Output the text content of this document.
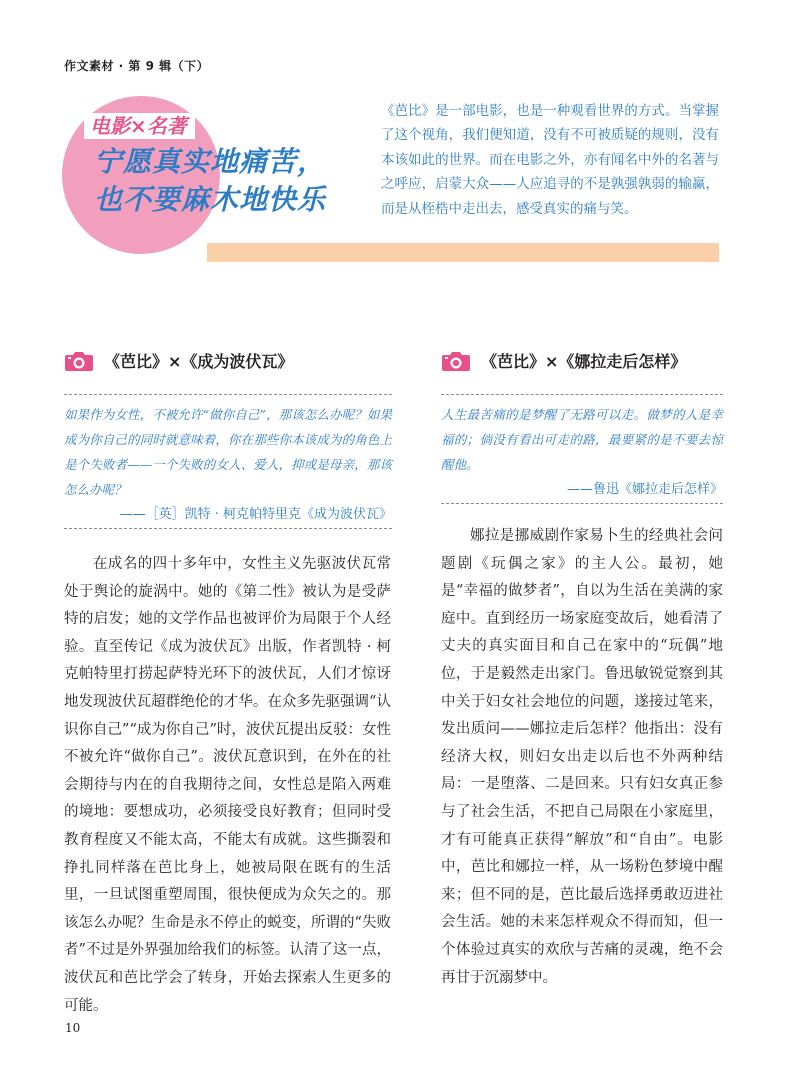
作文素材 · 第 9 辑（下）
电影×名著
宁愿真实地痛苦，
也不要麻木地快乐
《芭比》是一部电影，也是一种观看世界的方式。当掌握了这个视角，我们便知道，没有不可被质疑的规则，没有本该如此的世界。而在电影之外，亦有闻名中外的名著与之呼应，启蒙大众——人应追寻的不是孰强孰弱的输赢，而是从桎梏中走出去，感受真实的痛与笑。
《芭比》×《成为波伏瓦》
如果作为女性，不被允许“做你自己”，那该怎么办呢？如果成为你自己的同时就意味着，你在那些你本该成为的角色上是个失败者——一个失败的女人、爱人，抑或是母亲，那该怎么办呢？
——［英］凯特 · 柯克帕特里克《成为波伏瓦》
在成名的四十多年中，女性主义先驱波伏瓦常处于舆论的旋涡中。她的《第二性》被认为是受萨特的启发；她的文学作品也被评价为局限于个人经验。直至传记《成为波伏瓦》出版，作者凯特 · 柯克帕特里打捞起萨特光环下的波伏瓦，人们才惊讶地发现波伏瓦超群绝伦的才华。在众多先驱强调“认识你自己”“成为你自己”时，波伏瓦提出反驳：女性不被允许“做你自己”。波伏瓦意识到，在外在的社会期待与内在的自我期待之间，女性总是陷入两难的境地：要想成功，必须接受良好教育；但同时受教育程度又不能太高，不能太有成就。这些撕裂和挣扎同样落在芭比身上，她被局限在既有的生活里，一旦试图重塑周围，很快便成为众矢之的。那该怎么办呢？生命是永不停止的蜕变，所谓的“失败者”不过是外界强加给我们的标签。认清了这一点，波伏瓦和芭比学会了转身，开始去探索人生更多的可能。
《芭比》×《娜拉走后怎样》
人生最苦痛的是梦醒了无路可以走。做梦的人是幸福的；倘没有看出可走的路，最要紧的是不要去惊醒他。
——鲁迅《娜拉走后怎样》
娜拉是挪威剧作家易卜生的经典社会问题剧《玩偶之家》的主人公。最初，她是“幸福的做梦者”，自以为生活在美满的家庭中。直到经历一场家庭变故后，她看清了丈夫的真实面目和自己在家中的“玩偶”地位，于是毅然走出家门。鲁迅敏锐觉察到其中关于妇女社会地位的问题，遂接过笔来，发出质问——娜拉走后怎样？他指出：没有经济大权，则妇女出走以后也不外两种结局：一是堕落、二是回来。只有妇女真正参与了社会生活，不把自己局限在小家庭里，才有可能真正获得“解放”和“自由”。电影中，芭比和娜拉一样，从一场粉色梦境中醒来；但不同的是，芭比最后选择勇敢迈进社会生活。她的未来怎样观众不得而知，但一个体验过真实的欢欣与苦痛的灵魂，绝不会再甘于沉溺梦中。
10
